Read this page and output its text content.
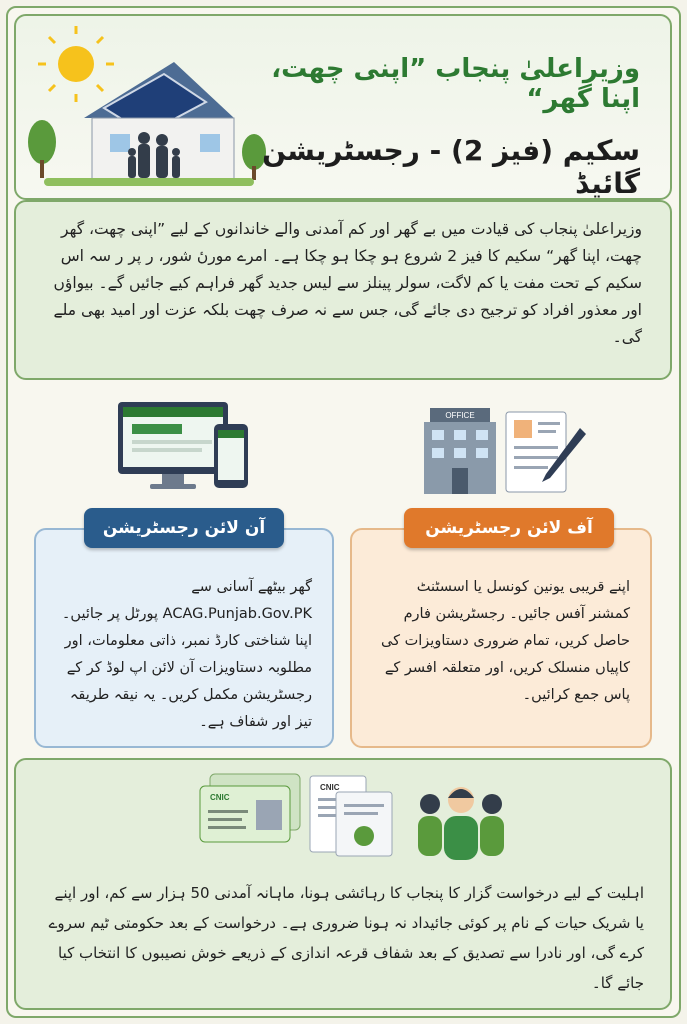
وزیراعلیٰ پنجاب ”اپنی چھت، اپنا گھر“
سکیم (فیز 2) - رجسٹریشن گائیڈ

وزیراعلیٰ پنجاب کی قیادت میں بے گھر اور کم آمدنی والے خاندانوں کے لیے ”اپنی چھت، گھر چھت، اپنا گھر“ سکیم کا فیز 2 شروع ہو چکا ہو چکا ہے۔ امرے مورںٔ شور، ر پر ر سہ اس سکیم کے تحت مفت یا کم لاگت، سولر پینلز سے لیس جدید گھر فراہم کیے جائیں گے۔ بیواؤں اور معذور افراد کو ترجیح دی جائے گی، جس سے نہ صرف چھت بلکہ عزت اور امید بھی ملے گی۔

OFFICE

گھر بیٹھے آسانی سے ACAG.Punjab.Gov.PK پورٹل پر جائیں۔ اپنا شناختی کارڈ نمبر، ذاتی معلومات، اور مطلوبہ دستاویزات آن لائن اپ لوڈ کر کے رجسٹریشن مکمل کریں۔ یہ نیقہ طریقہ تیز اور شفاف ہے۔

آن لائن رجسٹریشن

اپنے قریبی یونین کونسل یا اسسٹنٹ کمشنر آفس جائیں۔ رجسٹریشن فارم حاصل کریں، تمام ضروری دستاویزات کی کاپیاں منسلک کریں، اور متعلقہ افسر کے پاس جمع کرائیں۔

آف لائن رجسٹریشن
CNIC
CNIC

اہلیت کے لیے درخواست گزار کا پنجاب کا رہائشی ہونا، ماہانہ آمدنی 50 ہزار سے کم، اور اپنے یا شریک حیات کے نام پر کوئی جائیداد نہ ہونا ضروری ہے۔ درخواست کے بعد حکومتی ٹیم سروے کرے گی، اور نادرا سے تصدیق کے بعد شفاف قرعہ اندازی کے ذریعے خوش نصیبوں کا انتخاب کیا جائے گا۔
